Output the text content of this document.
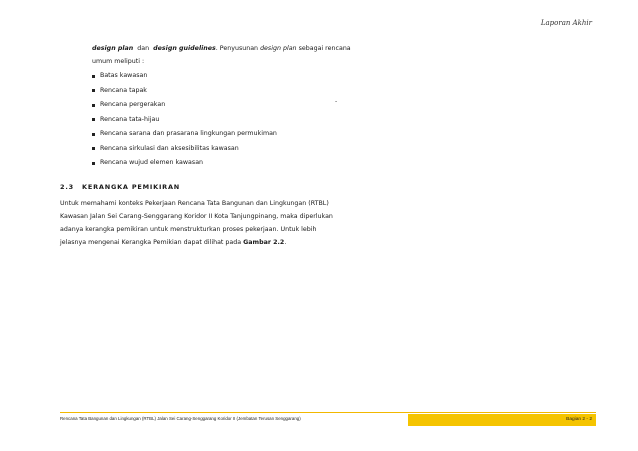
Laporan Akhir
design plan dan design guidelines. Penyusunan design plan sebagai rencana
umum meliputi :
Batas kawasan
Rencana tapak
Rencana pergerakan
Rencana tata-hijau
Rencana sarana dan prasarana lingkungan permukiman
Rencana sirkulasi dan aksesibilitas kawasan
Rencana wujud elemen kawasan
-
2.3 KERANGKA PEMIKIRAN
Untuk memahami konteks Pekerjaan Rencana Tata Bangunan dan Lingkungan (RTBL)
Kawasan Jalan Sei Carang-Senggarang Koridor II Kota Tanjungpinang, maka diperlukan
adanya kerangka pemikiran untuk menstrukturkan proses pekerjaan. Untuk lebih
jelasnya mengenai Kerangka Pemikian dapat dilihat pada Gambar 2.2.
Rencana Tata Bangunan dan Lingkungan (RTBL) Jalan Sei Carang-Senggarang Koridor II (Jembatan Terusan Senggarang)	Bagian 2 - 2
